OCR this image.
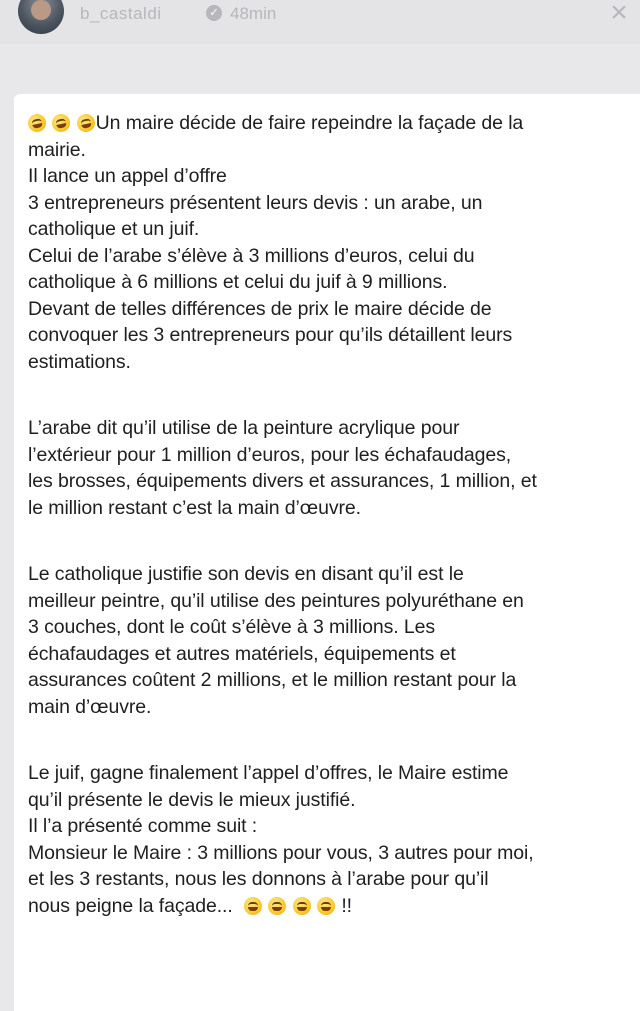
b_castaldi	✓ 48min	×
Un maire décide de faire repeindre la façade de la
mairie.
Il lance un appel d’offre
3 entrepreneurs présentent leurs devis : un arabe, un
catholique et un juif.
Celui de l’arabe s’élève à 3 millions d’euros, celui du
catholique à 6 millions et celui du juif à 9 millions.
Devant de telles différences de prix le maire décide de
convoquer les 3 entrepreneurs pour qu’ils détaillent leurs
estimations.
L’arabe dit qu’il utilise de la peinture acrylique pour
l’extérieur pour 1 million d’euros, pour les échafaudages,
les brosses, équipements divers et assurances, 1 million, et
le million restant c’est la main d’œuvre.
Le catholique justifie son devis en disant qu’il est le
meilleur peintre, qu’il utilise des peintures polyuréthane en
3 couches, dont le coût s’élève à 3 millions. Les
échafaudages et autres matériels, équipements et
assurances coûtent 2 millions, et le million restant pour la
main d’œuvre.
Le juif, gagne finalement l’appel d’offres, le Maire estime
qu’il présente le devis le mieux justifié.
Il l’a présenté comme suit :
Monsieur le Maire : 3 millions pour vous, 3 autres pour moi,
et les 3 restants, nous les donnons à l’arabe pour qu’il
nous peigne la façade...	!!
